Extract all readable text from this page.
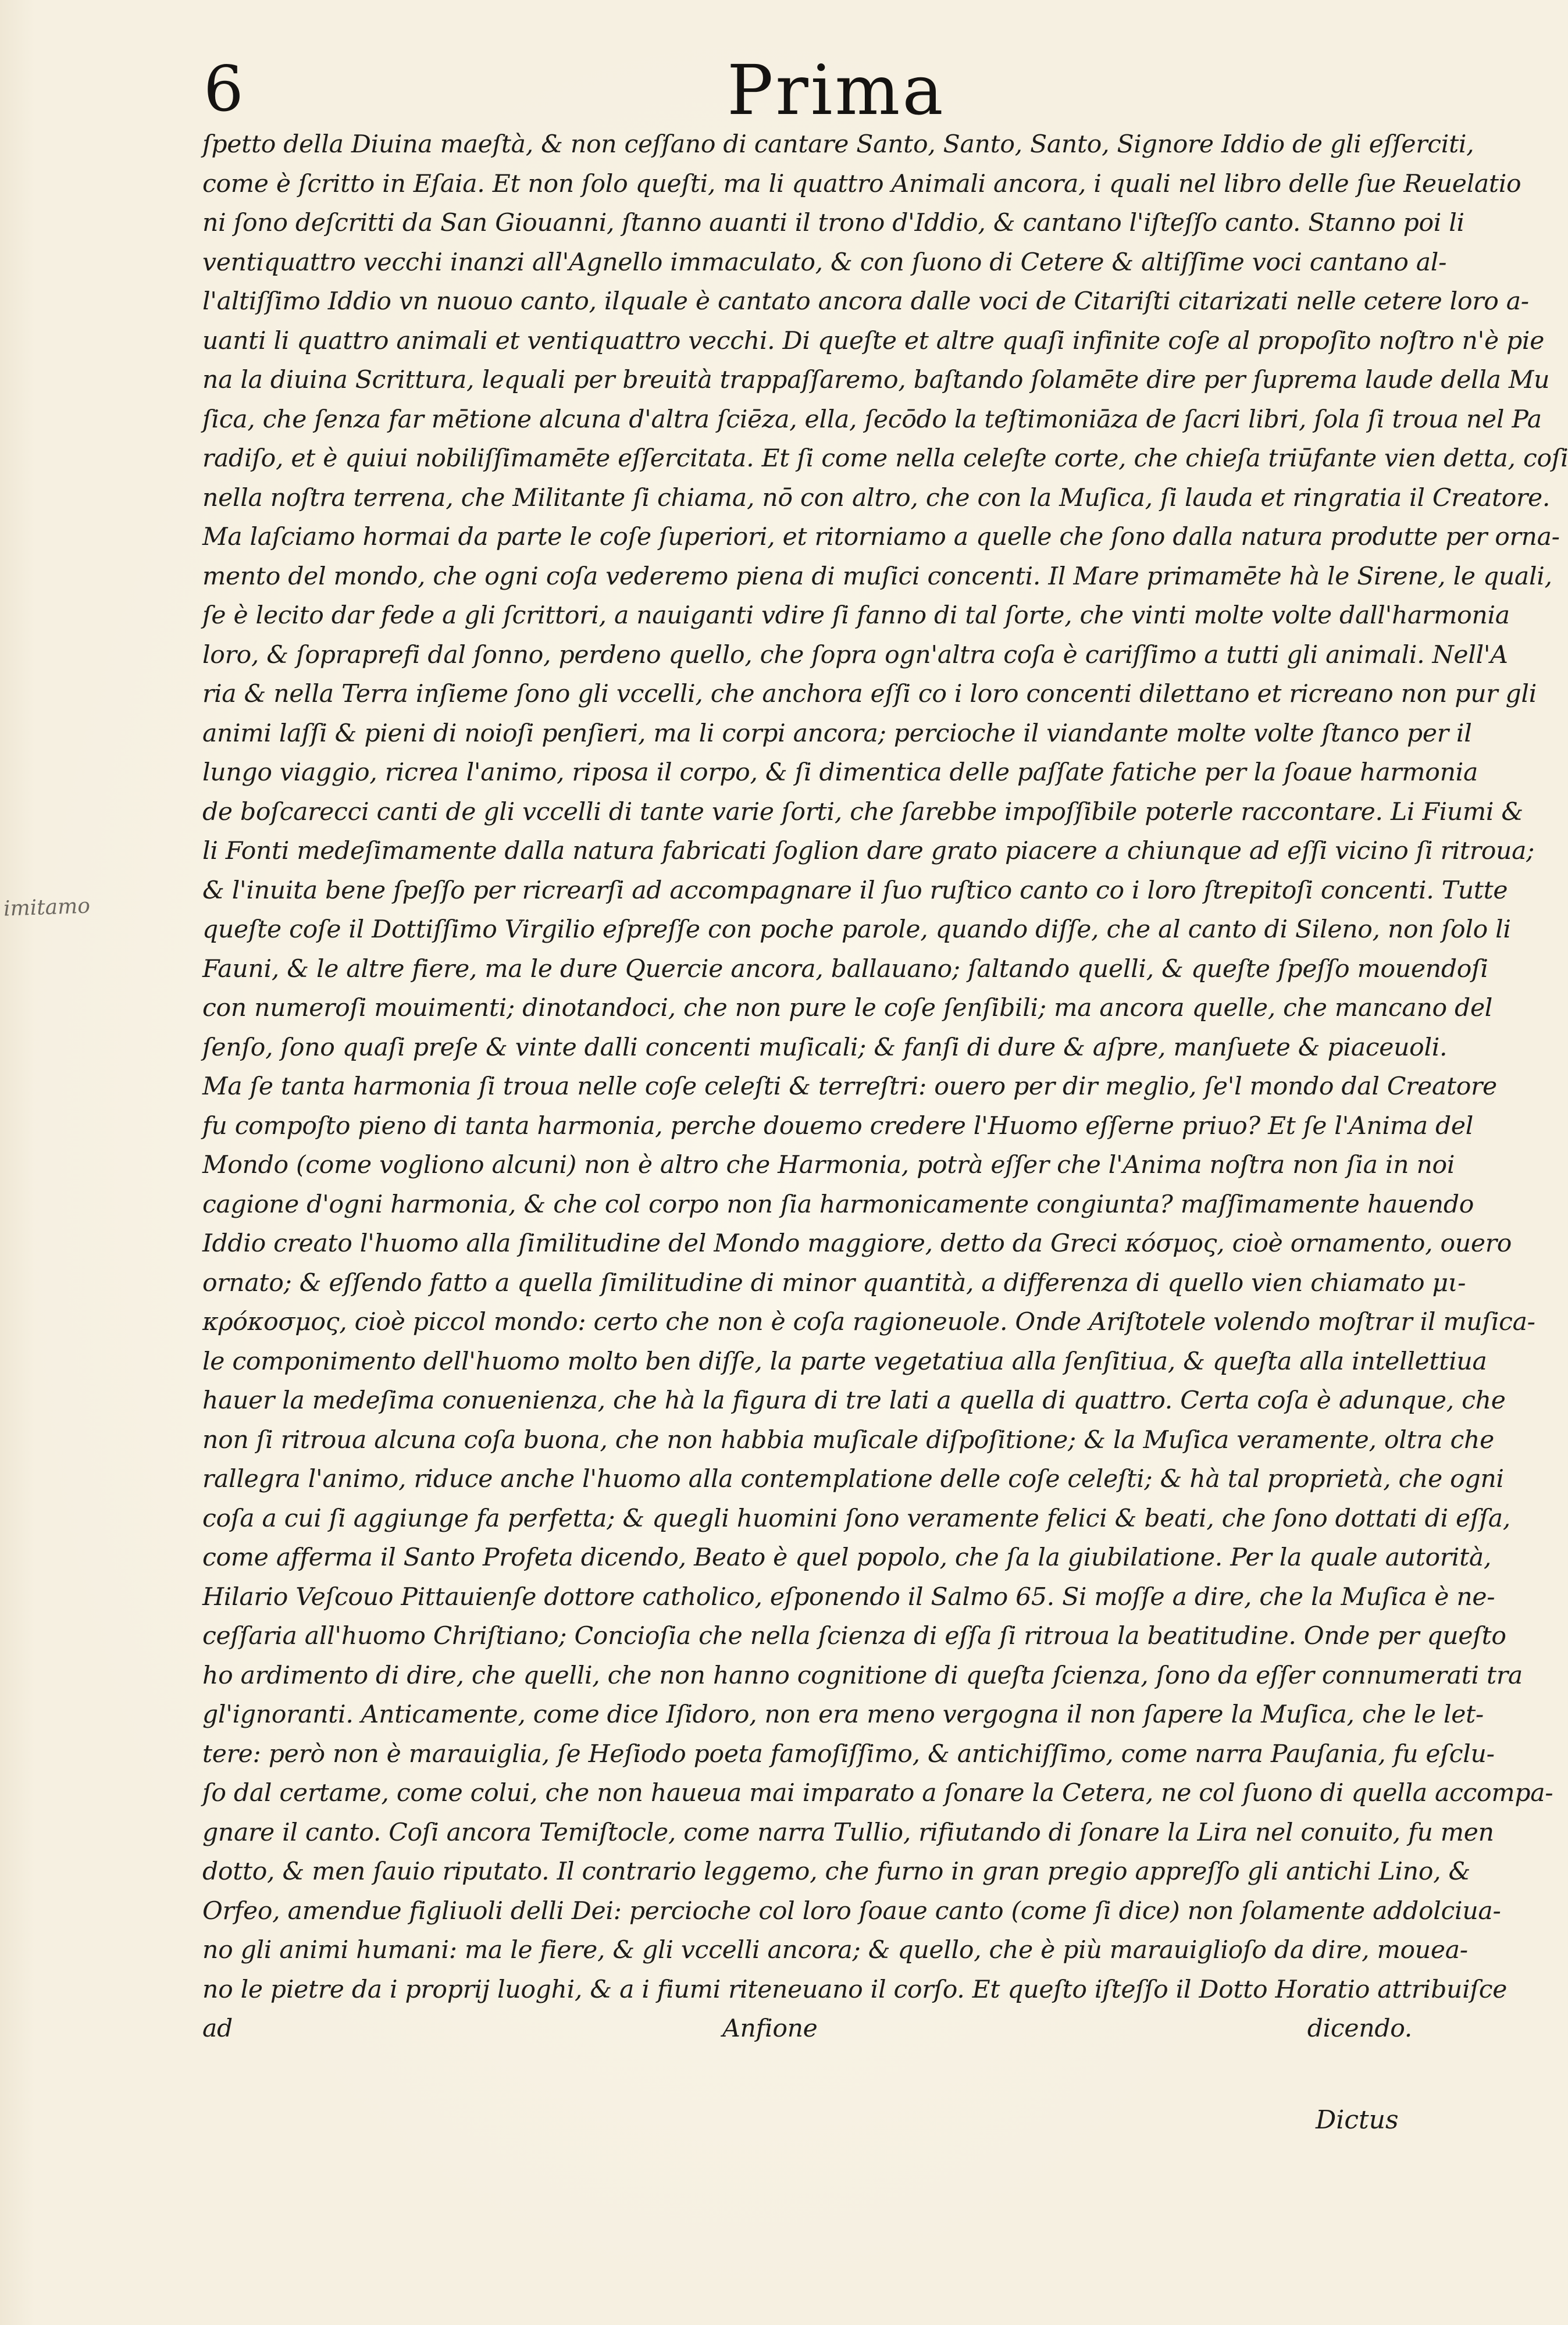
6	Prima
ſpetto della Diuina maeſtà, & non ceſſano di cantare Santo, Santo, Santo, Signore Iddio de gli eſſerciti,
come è ſcritto in Eſaia. Et non ſolo queſti, ma li quattro Animali ancora, i quali nel libro delle ſue Reuelatio
ni ſono deſcritti da San Giouanni, ſtanno auanti il trono d'Iddio, & cantano l'iſteſſo canto. Stanno poi li
ventiquattro vecchi inanzi all'Agnello immaculato, & con ſuono di Cetere & altiſſime voci cantano al-
l'altiſſimo Iddio vn nuouo canto, ilquale è cantato ancora dalle voci de Citariſti citarizati nelle cetere loro a-
uanti li quattro animali et ventiquattro vecchi. Di queſte et altre quaſi infinite coſe al propoſito noſtro n'è pie
na la diuina Scrittura, lequali per breuità trappaſſaremo, baſtando ſolamēte dire per ſuprema laude della Mu
ſica, che ſenza far mētione alcuna d'altra ſciēza, ella, ſecōdo la teſtimoniāza de ſacri libri, ſola ſi troua nel Pa
radiſo, et è quiui nobiliſſimamēte eſſercitata. Et ſi come nella celeſte corte, che chieſa triūfante vien detta, coſi
nella noſtra terrena, che Militante ſi chiama, nō con altro, che con la Muſica, ſi lauda et ringratia il Creatore.
Ma laſciamo hormai da parte le coſe ſuperiori, et ritorniamo a quelle che ſono dalla natura produtte per orna-
mento del mondo, che ogni coſa vederemo piena di muſici concenti. Il Mare primamēte hà le Sirene, le quali,
ſe è lecito dar fede a gli ſcrittori, a nauiganti vdire ſi fanno di tal ſorte, che vinti molte volte dall'harmonia
loro, & ſopraprefi dal ſonno, perdeno quello, che ſopra ogn'altra coſa è cariſſimo a tutti gli animali. Nell'A
ria & nella Terra inſieme ſono gli vccelli, che anchora eſſi co i loro concenti dilettano et ricreano non pur gli
animi laſſi & pieni di noioſi penſieri, ma li corpi ancora; percioche il viandante molte volte ſtanco per il
lungo viaggio, ricrea l'animo, riposa il corpo, & ſi dimentica delle paſſate fatiche per la ſoaue harmonia
de boſcarecci canti de gli vccelli di tante varie ſorti, che ſarebbe impoſſibile poterle raccontare. Li Fiumi &
li Fonti medeſimamente dalla natura fabricati ſoglion dare grato piacere a chiunque ad eſſi vicino ſi ritroua;
& l'inuita bene ſpeſſo per ricrearſi ad accompagnare il ſuo ruſtico canto co i loro ſtrepitoſi concenti. Tutte
queſte coſe il Dottiſſimo Virgilio eſpreſſe con poche parole, quando diſſe, che al canto di Sileno, non ſolo li
Fauni, & le altre fiere, ma le dure Quercie ancora, ballauano; ſaltando quelli, & queſte ſpeſſo mouendoſi
con numeroſi mouimenti; dinotandoci, che non pure le coſe ſenſibili; ma ancora quelle, che mancano del
ſenſo, ſono quaſi preſe & vinte dalli concenti muſicali; & fanſi di dure & aſpre, manſuete & piaceuoli.
Ma ſe tanta harmonia ſi troua nelle coſe celeſti & terreſtri: ouero per dir meglio, ſe'l mondo dal Creatore
fu compoſto pieno di tanta harmonia, perche douemo credere l'Huomo eſſerne priuo? Et ſe l'Anima del
Mondo (come vogliono alcuni) non è altro che Harmonia, potrà eſſer che l'Anima noſtra non ſia in noi
cagione d'ogni harmonia, & che col corpo non ſia harmonicamente congiunta? maſſimamente hauendo
Iddio creato l'huomo alla ſimilitudine del Mondo maggiore, detto da Greci κόσμος, cioè ornamento, ouero
ornato; & eſſendo fatto a quella ſimilitudine di minor quantità, a differenza di quello vien chiamato μι-
κρόκοσμος, cioè piccol mondo: certo che non è coſa ragioneuole. Onde Ariſtotele volendo moſtrar il muſica-
le componimento dell'huomo molto ben diſſe, la parte vegetatiua alla ſenſitiua, & queſta alla intellettiua
hauer la medeſima conuenienza, che hà la figura di tre lati a quella di quattro. Certa coſa è adunque, che
non ſi ritroua alcuna coſa buona, che non habbia muſicale diſpoſitione; & la Muſica veramente, oltra che
rallegra l'animo, riduce anche l'huomo alla contemplatione delle coſe celeſti; & hà tal proprietà, che ogni
coſa a cui ſi aggiunge fa perfetta; & quegli huomini ſono veramente felici & beati, che ſono dottati di eſſa,
come afferma il Santo Profeta dicendo, Beato è quel popolo, che ſa la giubilatione. Per la quale autorità,
Hilario Veſcouo Pittauienſe dottore catholico, eſponendo il Salmo 65. Si moſſe a dire, che la Muſica è ne-
ceſſaria all'huomo Chriſtiano; Concioſia che nella ſcienza di eſſa ſi ritroua la beatitudine. Onde per queſto
ho ardimento di dire, che quelli, che non hanno cognitione di queſta ſcienza, ſono da eſſer connumerati tra
gl'ignoranti. Anticamente, come dice Iſidoro, non era meno vergogna il non ſapere la Muſica, che le let-
tere: però non è marauiglia, ſe Heſiodo poeta famoſiſſimo, & antichiſſimo, come narra Pauſania, fu eſclu-
ſo dal certame, come colui, che non haueua mai imparato a ſonare la Cetera, ne col ſuono di quella accompa-
gnare il canto. Coſi ancora Temiſtocle, come narra Tullio, rifiutando di ſonare la Lira nel conuito, fu men
dotto, & men ſauio riputato. Il contrario leggemo, che furno in gran pregio appreſſo gli antichi Lino, &
Orfeo, amendue figliuoli delli Dei: percioche col loro ſoaue canto (come ſi dice) non ſolamente addolciua-
no gli animi humani: ma le fiere, & gli vccelli ancora; & quello, che è più marauiglioſo da dire, mouea-
no le pietre da i proprij luoghi, & a i fiumi riteneuano il corſo. Et queſto iſteſſo il Dotto Horatio attribuiſce
ad Anfione dicendo.
imitamo
Dictus
